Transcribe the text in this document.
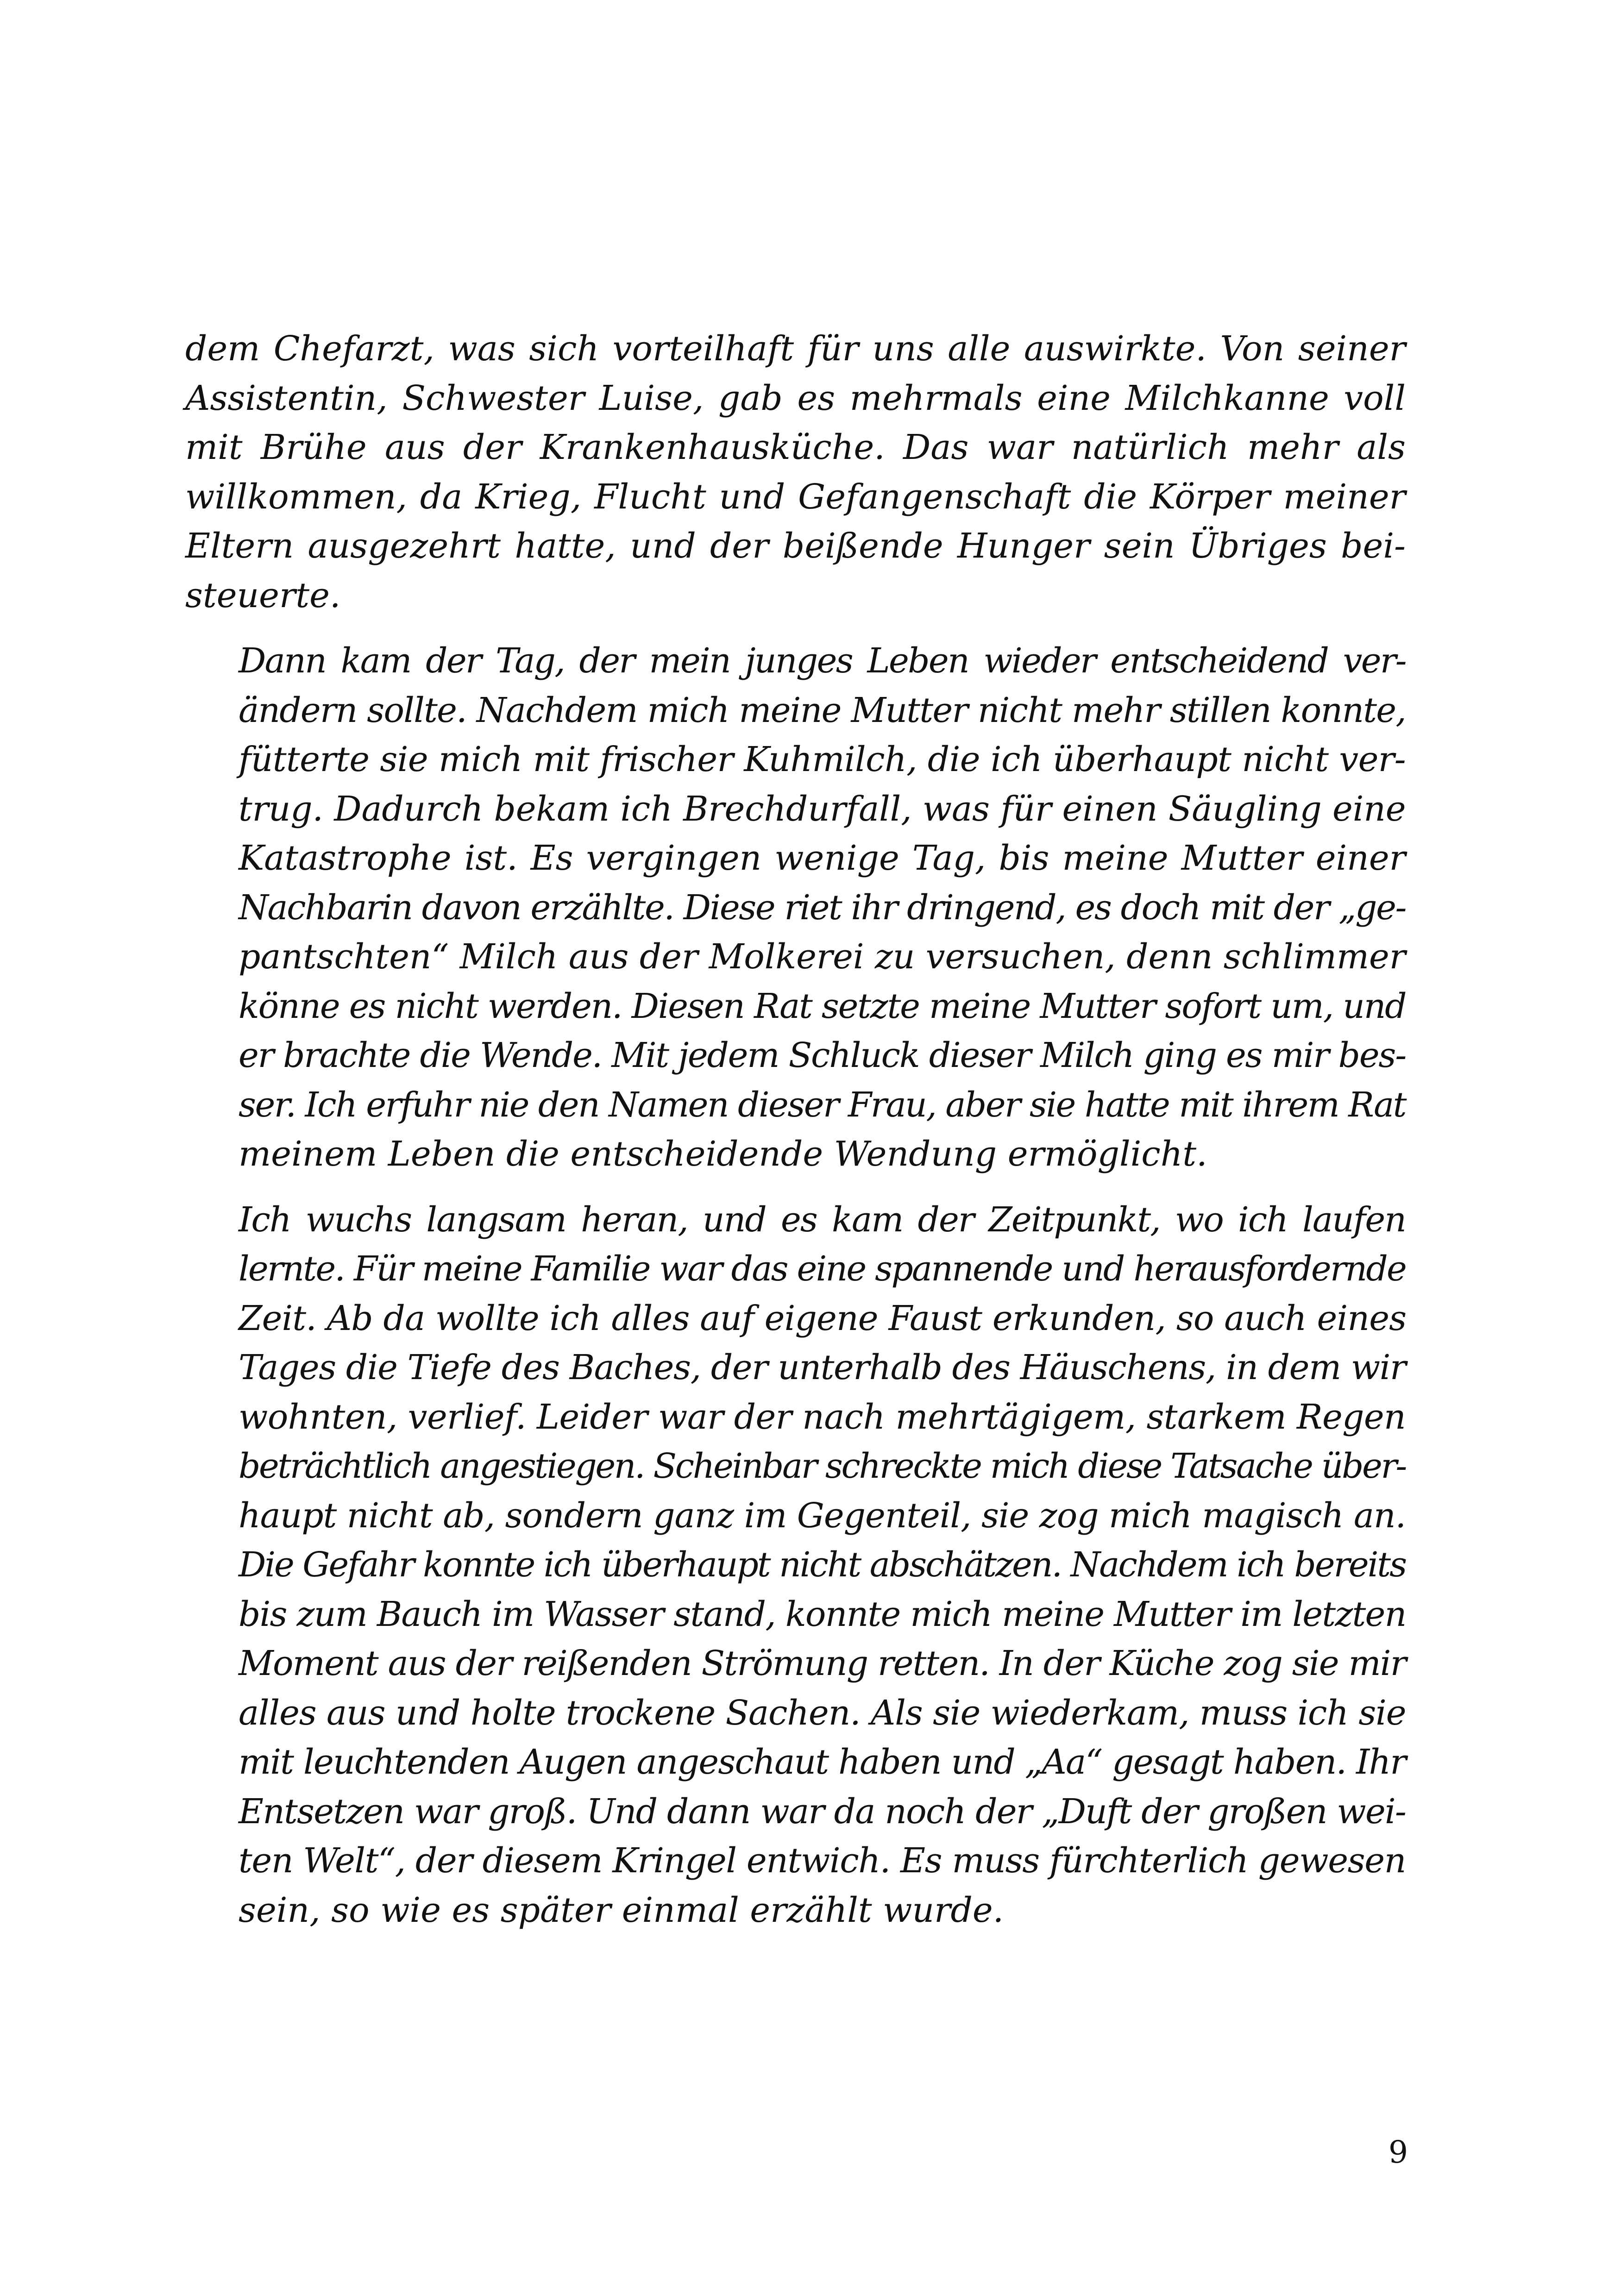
dem Chefarzt, was sich vorteilhaft für uns alle auswirkte. Von seiner
Assistentin, Schwester Luise, gab es mehrmals eine Milchkanne voll
mit Brühe aus der Krankenhausküche. Das war natürlich mehr als
willkommen, da Krieg, Flucht und Gefangenschaft die Körper meiner
Eltern ausgezehrt hatte, und der beißende Hunger sein Übriges bei-
steuerte.

Dann kam der Tag, der mein junges Leben wieder entscheidend ver-
ändern sollte. Nachdem mich meine Mutter nicht mehr stillen konnte,
fütterte sie mich mit frischer Kuhmilch, die ich überhaupt nicht ver-
trug. Dadurch bekam ich Brechdurfall, was für einen Säugling eine
Katastrophe ist. Es vergingen wenige Tag, bis meine Mutter einer
Nachbarin davon erzählte. Diese riet ihr dringend, es doch mit der „ge-
pantschten“ Milch aus der Molkerei zu versuchen, denn schlimmer
könne es nicht werden. Diesen Rat setzte meine Mutter sofort um, und
er brachte die Wende. Mit jedem Schluck dieser Milch ging es mir bes-
ser. Ich erfuhr nie den Namen dieser Frau, aber sie hatte mit ihrem Rat
meinem Leben die entscheidende Wendung ermöglicht.

Ich wuchs langsam heran, und es kam der Zeitpunkt, wo ich laufen
lernte. Für meine Familie war das eine spannende und herausfordernde
Zeit. Ab da wollte ich alles auf eigene Faust erkunden, so auch eines
Tages die Tiefe des Baches, der unterhalb des Häuschens, in dem wir
wohnten, verlief. Leider war der nach mehrtägigem, starkem Regen
beträchtlich angestiegen. Scheinbar schreckte mich diese Tatsache über-
haupt nicht ab, sondern ganz im Gegenteil, sie zog mich magisch an.
Die Gefahr konnte ich überhaupt nicht abschätzen. Nachdem ich bereits
bis zum Bauch im Wasser stand, konnte mich meine Mutter im letzten
Moment aus der reißenden Strömung retten. In der Küche zog sie mir
alles aus und holte trockene Sachen. Als sie wiederkam, muss ich sie
mit leuchtenden Augen angeschaut haben und „Aa“ gesagt haben. Ihr
Entsetzen war groß. Und dann war da noch der „Duft der großen wei-
ten Welt“, der diesem Kringel entwich. Es muss fürchterlich gewesen
sein, so wie es später einmal erzählt wurde.

9
